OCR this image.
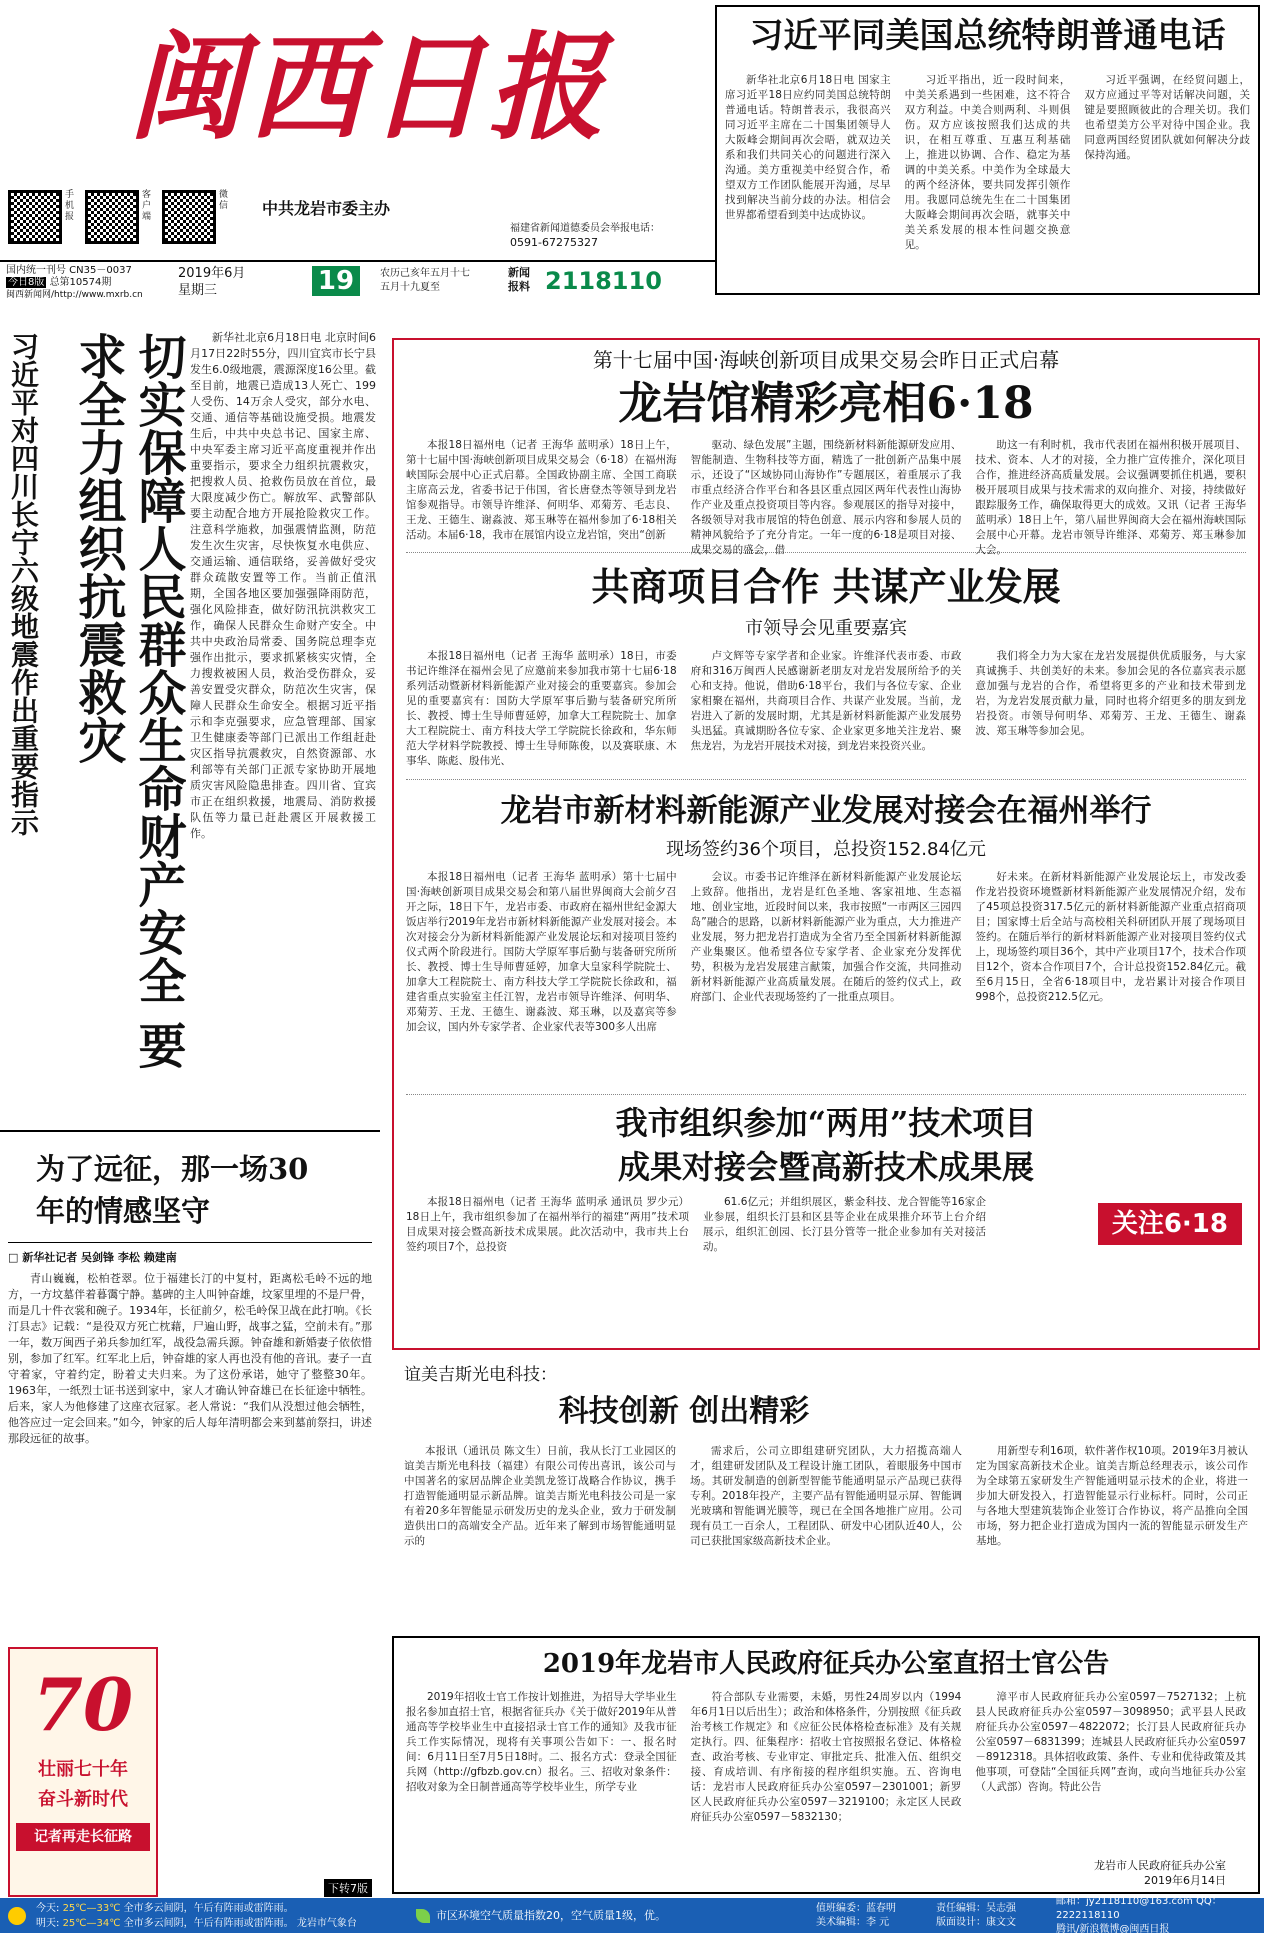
闽西日报
手机报
客户端
微信 中共龙岩市委主办
福建省新闻道德委员会举报电话：
0591-67275327
国内统一刊号 CN35－0037
今日8版 总第10574期
闽西新闻网/http://www.mxrb.cn
2019年6月
星期三	19	农历己亥年五月十七
五月十九夏至
新闻报料 2118110
习近平同美国总统特朗普通电话
新华社北京6月18日电 国家主席习近平18日应约同美国总统特朗普通电话。特朗普表示，我很高兴同习近平主席在二十国集团领导人大阪峰会期间再次会晤，就双边关系和我们共同关心的问题进行深入沟通。美方重视美中经贸合作，希望双方工作团队能展开沟通，尽早找到解决当前分歧的办法。相信会世界都希望看到美中达成协议。
习近平指出，近一段时间来，中美关系遇到一些困难，这不符合双方利益。中美合则两利、斗则俱伤。双方应该按照我们达成的共识，在相互尊重、互惠互利基础上，推进以协调、合作、稳定为基调的中美关系。中美作为全球最大的两个经济体，要共同发挥引领作用。我愿同总统先生在二十国集团大阪峰会期间再次会晤，就事关中美关系发展的根本性问题交换意见。
习近平强调，在经贸问题上，双方应通过平等对话解决问题，关键是要照顾彼此的合理关切。我们也希望美方公平对待中国企业。我同意两国经贸团队就如何解决分歧保持沟通。
习近平对四川长宁六级地震作出重要指示	切实保障人民群众生命财产安全 要求全力组织抗震救灾	新华社北京6月18日电 北京时间6月17日22时55分，四川宜宾市长宁县发生6.0级地震，震源深度16公里。截至目前，地震已造成13人死亡、199人受伤、14万余人受灾，部分水电、交通、通信等基础设施受损。地震发生后，中共中央总书记、国家主席、中央军委主席习近平高度重视并作出重要指示，要求全力组织抗震救灾，把搜救人员、抢救伤员放在首位，最大限度减少伤亡。解放军、武警部队要主动配合地方开展抢险救灾工作。注意科学施救，加强震情监测，防范发生次生灾害，尽快恢复水电供应、交通运输、通信联络，妥善做好受灾群众疏散安置等工作。当前正值汛期，全国各地区要加强强降雨防范，强化风险排查，做好防汛抗洪救灾工作，确保人民群众生命财产安全。中共中央政治局常委、国务院总理李克强作出批示，要求抓紧核实灾情，全力搜救被困人员，救治受伤群众，妥善安置受灾群众，防范次生灾害，保障人民群众生命安全。根据习近平指示和李克强要求，应急管理部、国家卫生健康委等部门已派出工作组赶赴灾区指导抗震救灾，自然资源部、水利部等有关部门正派专家协助开展地质灾害风险隐患排查。四川省、宜宾市正在组织救援，地震局、消防救援队伍等力量已赶赴震区开展救援工作。
为了远征，那一场30年的情感坚守
□ 新华社记者 吴剑锋 李松 赖建南
青山巍巍，松柏苍翠。位于福建长汀的中复村，距离松毛岭不远的地方，一方坟墓伴着暮霭宁静。墓碑的主人叫钟奋雄，坟冢里埋的不是尸骨，而是几十件衣裳和碗子。1934年，长征前夕，松毛岭保卫战在此打响。《长汀县志》记载：“是役双方死亡枕藉，尸遍山野，战事之猛，空前未有。”那一年，数万闽西子弟兵参加红军，战役急需兵源。钟奋雄和新婚妻子依依惜别，参加了红军。红军北上后，钟奋雄的家人再也没有他的音讯。妻子一直守着家，守着约定，盼着丈夫归来。为了这份承诺，她守了整整30年。1963年，一纸烈士证书送到家中，家人才确认钟奋雄已在长征途中牺牲。后来，家人为他修建了这座衣冠冢。老人常说：“我们从没想过他会牺牲，他答应过一定会回来。”如今，钟家的后人每年清明都会来到墓前祭扫，讲述那段远征的故事。
70
壮丽七十年
奋斗新时代
记者再走长征路
下转7版
第十七届中国·海峡创新项目成果交易会昨日正式启幕
龙岩馆精彩亮相6·18
本报18日福州电（记者 王海华 蓝明承）18日上午，第十七届中国·海峡创新项目成果交易会（6·18）在福州海峡国际会展中心正式启幕。全国政协副主席、全国工商联主席高云龙，省委书记于伟国，省长唐登杰等领导到龙岩馆参观指导。市领导许维泽、何明华、邓菊芳、毛志良、王龙、王德生、谢淼波、郑玉琳等在福州参加了6·18相关活动。本届6·18，我市在展馆内设立龙岩馆，突出“创新
驱动、绿色发展”主题，围绕新材料新能源研发应用、智能制造、生物科技等方面，精选了一批创新产品集中展示，还设了“区域协同山海协作”专题展区，着重展示了我市重点经济合作平台和各县区重点园区两年代表性山海协作产业及重点投资项目等内容。参观展区的指导对接中，各级领导对我市展馆的特色创意、展示内容和参展人员的精神风貌给予了充分肯定。一年一度的6·18是项目对接、成果交易的盛会，借
助这一有利时机，我市代表团在福州积极开展项目、技术、资本、人才的对接，全力推广宣传推介，深化项目合作，推进经济高质量发展。会议强调要抓住机遇，要积极开展项目成果与技术需求的双向推介、对接，持续做好跟踪服务工作，确保取得更大的成效。又讯（记者 王海华 蓝明承）18日上午，第八届世界闽商大会在福州海峡国际会展中心开幕。龙岩市领导许维泽、邓菊芳、郑玉琳参加大会。
共商项目合作 共谋产业发展
市领导会见重要嘉宾
本报18日福州电（记者 王海华 蓝明承）18日，市委书记许维泽在福州会见了应邀前来参加我市第十七届6·18系列活动暨新材料新能源产业对接会的重要嘉宾。参加会见的重要嘉宾有：国防大学原军事后勤与装备研究所所长、教授、博士生导师曹延婷，加拿大工程院院士、加拿大工程院院士、南方科技大学工学院院长徐政和，华东师范大学材料学院教授、博士生导师陈俊，以及赛联康、木事华、陈彪、殷伟光、
卢文辉等专家学者和企业家。许维泽代表市委、市政府和316万闽西人民感谢新老朋友对龙岩发展所给予的关心和支持。他说，借助6·18平台，我们与各位专家、企业家相聚在福州，共商项目合作、共谋产业发展。当前，龙岩进入了新的发展时期，尤其是新材料新能源产业发展势头迅猛。真诚期盼各位专家、企业家更多地关注龙岩、聚焦龙岩，为龙岩开展技术对接，到龙岩来投资兴业。
我们将全力为大家在龙岩发展提供优质服务，与大家真诚携手、共创美好的未来。参加会见的各位嘉宾表示愿意加强与龙岩的合作，希望将更多的产业和技术带到龙岩，为龙岩发展贡献力量，同时也将介绍更多的朋友到龙岩投资。市领导何明华、邓菊芳、王龙、王德生、谢淼波、郑玉琳等参加会见。
龙岩市新材料新能源产业发展对接会在福州举行
现场签约36个项目，总投资152.84亿元
本报18日福州电（记者 王海华 蓝明承）第十七届中国·海峡创新项目成果交易会和第八届世界闽商大会前夕召开之际，18日下午，龙岩市委、市政府在福州世纪金源大饭店举行2019年龙岩市新材料新能源产业发展对接会。本次对接会分为新材料新能源产业发展论坛和对接项目签约仪式两个阶段进行。国防大学原军事后勤与装备研究所所长、教授、博士生导师曹延婷，加拿大皇家科学院院士、加拿大工程院院士、南方科技大学工学院院长徐政和，福建省重点实验室主任江智，龙岩市领导许维泽、何明华、邓菊芳、王龙、王德生、谢淼波、郑玉琳，以及嘉宾等参加会议，国内外专家学者、企业家代表等300多人出席
会议。市委书记许维泽在新材料新能源产业发展论坛上致辞。他指出，龙岩是红色圣地、客家祖地、生态福地、创业宝地，近段时间以来，我市按照“一市两区三园四岛”融合的思路，以新材料新能源产业为重点，大力推进产业发展，努力把龙岩打造成为全省乃至全国新材料新能源产业集聚区。他希望各位专家学者、企业家充分发挥优势，积极为龙岩发展建言献策，加强合作交流，共同推动新材料新能源产业高质量发展。在随后的签约仪式上，政府部门、企业代表现场签约了一批重点项目。
好未来。在新材料新能源产业发展论坛上，市发改委作龙岩投资环境暨新材料新能源产业发展情况介绍，发布了45项总投资317.5亿元的新材料新能源产业重点招商项目；国家博士后全站与高校相关科研团队开展了现场项目签约。在随后举行的新材料新能源产业对接项目签约仪式上，现场签约项目36个，其中产业项目17个，技术合作项目12个，资本合作项目7个，合计总投资152.84亿元。截至6月15日，全省6·18项目中，龙岩累计对接合作项目998个，总投资212.5亿元。
我市组织参加“两用”技术项目
成果对接会暨高新技术成果展
本报18日福州电（记者 王海华 蓝明承 通讯员 罗少元）18日上午，我市组织参加了在福州举行的福建“两用”技术项目成果对接会暨高新技术成果展。此次活动中，我市共上台签约项目7个，总投资
61.6亿元；并组织展区，紫金科技、龙合智能等16家企业参展，组织长汀县和区县等企业在成果推介环节上台介绍展示，组织汇创园、长汀县分管等一批企业参加有关对接活动。
关注6·18
谊美吉斯光电科技：
科技创新 创出精彩
本报讯（通讯员 陈文生）日前，我从长汀工业园区的谊美吉斯光电科技（福建）有限公司传出喜讯，该公司与中国著名的家居品牌企业美凯龙签订战略合作协议，携手打造智能通明显示新品牌。谊美吉斯光电科技公司是一家有着20多年智能显示研发历史的龙头企业，致力于研发制造供出口的高端安全产品。近年来了解到市场智能通明显示的
需求后，公司立即组建研究团队，大力招揽高端人才，组建研发团队及工程设计施工团队，着眼服务中国市场。其研发制造的创新型智能节能通明显示产品现已获得专利。2018年投产，主要产品有智能通明显示屏、智能调光玻璃和智能调光膜等，现已在全国各地推广应用。公司现有员工一百余人，工程团队、研发中心团队近40人，公司已获批国家级高新技术企业。
用新型专利16项，软件著作权10项。2019年3月被认定为国家高新技术企业。谊美吉斯总经理表示，该公司作为全球第五家研发生产智能通明显示技术的企业，将进一步加大研发投入，打造智能显示行业标杆。同时，公司正与各地大型建筑装饰企业签订合作协议，将产品推向全国市场，努力把企业打造成为国内一流的智能显示研发生产基地。
2019年龙岩市人民政府征兵办公室直招士官公告
2019年招收士官工作按计划推进，为招导大学毕业生报名参加直招士官，根据省征兵办《关于做好2019年从普通高等学校毕业生中直接招录士官工作的通知》及我市征兵工作实际情况，现将有关事项公告如下：一、报名时间：6月11日至7月5日18时。二、报名方式：登录全国征兵网（http://gfbzb.gov.cn）报名。三、招收对象条件：招收对象为全日制普通高等学校毕业生，所学专业
符合部队专业需要，未婚，男性24周岁以内（1994年6月1日以后出生）；政治和体格条件，分别按照《征兵政治考核工作规定》和《应征公民体格检查标准》及有关规定执行。四、征集程序：招收士官按照报名登记、体格检查、政治考核、专业审定、审批定兵、批准入伍、组织交接、育成培训、有序衔接的程序组织实施。五、咨询电话：龙岩市人民政府征兵办公室0597－2301001；新罗区人民政府征兵办公室0597－3219100；永定区人民政府征兵办公室0597－5832130；
漳平市人民政府征兵办公室0597－7527132；上杭县人民政府征兵办公室0597－3098950；武平县人民政府征兵办公室0597－4822072；长汀县人民政府征兵办公室0597－6831399；连城县人民政府征兵办公室0597－8912318。具体招收政策、条件、专业和优待政策及其他事项，可登陆“全国征兵网”查询，或向当地征兵办公室（人武部）咨询。特此公告
龙岩市人民政府征兵办公室
2019年6月14日
今天: 25℃—33℃ 全市多云间阴，午后有阵雨或雷阵雨。
明天: 25℃—34℃ 全市多云间阴，午后有阵雨或雷阵雨。 龙岩市气象台
市区环境空气质量指数20，空气质量1级，优。
值班编委：蓝春明	责任编辑：吴志强
美术编辑：李 元	版面设计：康文文
邮箱：jy2118110@163.com QQ：2222118110
腾讯/新浪微博@闽西日报
